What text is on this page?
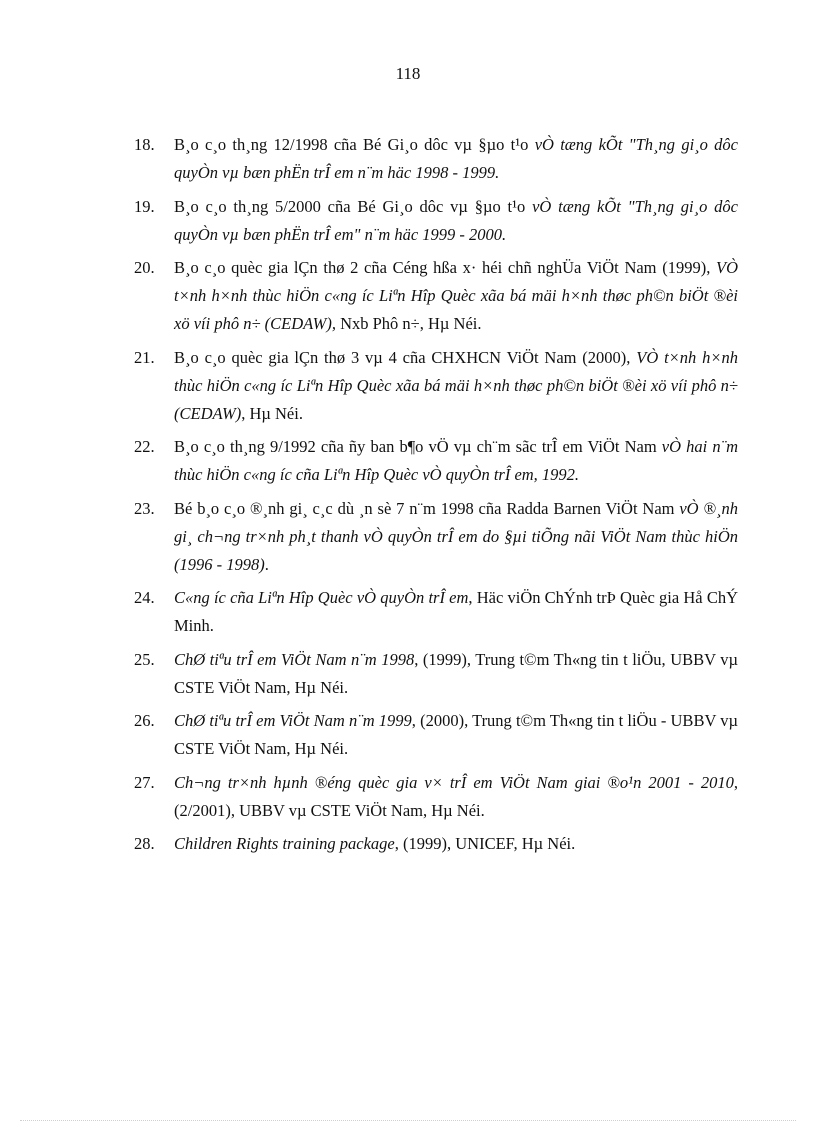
118
18.	B¸o c¸o th¸ng 12/1998 cña Bé Gi¸o dôc vµ §µo t¹o vÒ tæng kÕt "Th¸ng gi¸o dôc quyÒn vµ bæn phËn trÎ em n¨m häc 1998 - 1999.
19.	B¸o c¸o th¸ng 5/2000 cña Bé Gi¸o dôc vµ §µo t¹o vÒ tæng kÕt "Th¸ng gi¸o dôc quyÒn vµ bæn phËn trÎ em" n¨m häc 1999 - 2000.
20.	B¸o c¸o quèc gia lÇn thø 2 cña Céng hßa x· héi chñ nghÜa ViÖt Nam (1999), VÒ t×nh h×nh thùc hiÖn c«ng íc Liªn Hîp Quèc xãa bá mäi h×nh thøc ph©n biÖt ®èi xö víi phô n÷ (CEDAW), Nxb Phô n÷, Hµ Néi.
21.	B¸o c¸o quèc gia lÇn thø 3 vµ 4 cña CHXHCN ViÖt Nam (2000), VÒ t×nh h×nh thùc hiÖn c«ng íc Liªn Hîp Quèc xãa bá mäi h×nh thøc ph©n biÖt ®èi xö víi phô n÷ (CEDAW), Hµ Néi.
22.	B¸o c¸o th¸ng 9/1992 cña ñy ban b¶o vÖ vµ ch¨m sãc trÎ em ViÖt Nam vÒ hai n¨m thùc hiÖn c«ng íc cña Liªn Hîp Quèc vÒ quyÒn trÎ em, 1992.
23.	Bé b¸o c¸o ®¸nh gi¸ c¸c dù ¸n sè 7 n¨m 1998 cña Radda Barnen ViÖt Nam vÒ ®¸nh gi¸ ch¬ng tr×nh ph¸t thanh vÒ quyÒn trÎ em do §µi tiÕng nãi ViÖt Nam thùc hiÖn (1996 - 1998).
24.	C«ng íc cña Liªn Hîp Quèc vÒ quyÒn trÎ em, Häc viÖn ChÝnh trÞ Quèc gia Hå ChÝ Minh.
25.	ChØ tiªu trÎ em ViÖt Nam n¨m 1998, (1999), Trung t©m Th«ng tin t liÖu, UBBV vµ CSTE ViÖt Nam, Hµ Néi.
26.	ChØ tiªu trÎ em ViÖt Nam n¨m 1999, (2000), Trung t©m Th«ng tin t liÖu - UBBV vµ CSTE ViÖt Nam, Hµ Néi.
27.	Ch¬ng tr×nh hµnh ®éng quèc gia v× trÎ em ViÖt Nam giai ®o¹n 2001 - 2010, (2/2001), UBBV vµ CSTE ViÖt Nam, Hµ Néi.
28.	Children Rights training package, (1999), UNICEF, Hµ Néi.
